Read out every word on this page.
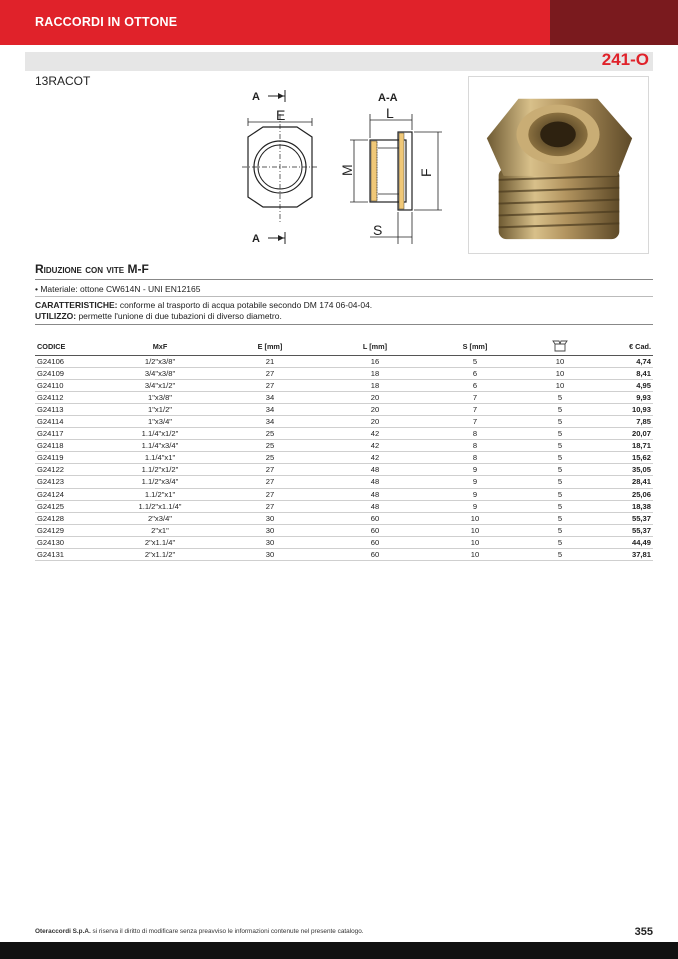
RACCORDI IN OTTONE
241-O
13RACOT
A
A
E
A-A
L
M	F
S
Riduzione con vite M-F
• Materiale: ottone CW614N - UNI EN12165
CARATTERISTICHE: conforme al trasporto di acqua potabile secondo DM 174 06-04-04.
UTILIZZO: permette l'unione di due tubazioni di diverso diametro.
CODICE	MxF	E [mm]	L [mm]	S [mm]		€ Cad.
G24106	1/2"x3/8"	21	16	5	10	4,74
G24109	3/4"x3/8"	27	18	6	10	8,41
G24110	3/4"x1/2"	27	18	6	10	4,95
G24112	1"x3/8"	34	20	7	5	9,93
G24113	1"x1/2"	34	20	7	5	10,93
G24114	1"x3/4"	34	20	7	5	7,85
G24117	1.1/4"x1/2"	25	42	8	5	20,07
G24118	1.1/4"x3/4"	25	42	8	5	18,71
G24119	1.1/4"x1"	25	42	8	5	15,62
G24122	1.1/2"x1/2"	27	48	9	5	35,05
G24123	1.1/2"x3/4"	27	48	9	5	28,41
G24124	1.1/2"x1"	27	48	9	5	25,06
G24125	1.1/2"x1.1/4"	27	48	9	5	18,38
G24128	2"x3/4"	30	60	10	5	55,37
G24129	2"x1"	30	60	10	5	55,37
G24130	2"x1.1/4"	30	60	10	5	44,49
G24131	2"x1.1/2"	30	60	10	5	37,81
Oteraccordi S.p.A. si riserva il diritto di modificare senza preavviso le informazioni contenute nel presente catalogo.	355
